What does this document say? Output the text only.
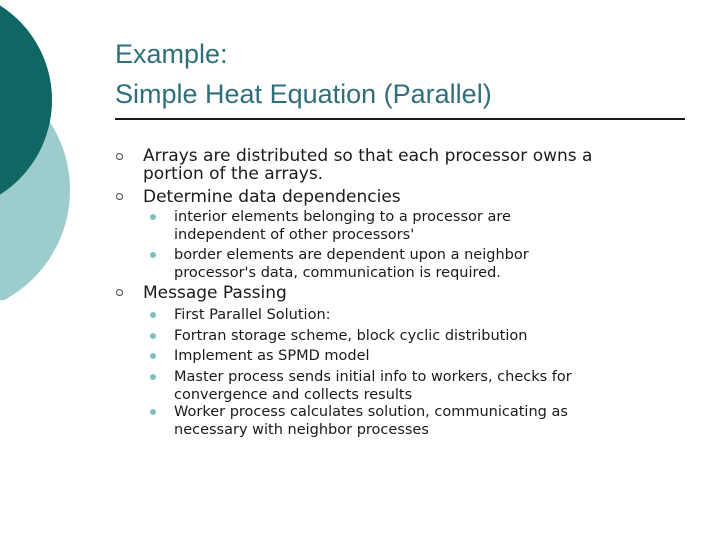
Example:
Simple Heat Equation (Parallel)
Arrays are distributed so that each processor owns a
portion of the arrays.
Determine data dependencies
interior elements belonging to a processor are
independent of other processors'
border elements are dependent upon a neighbor
processor's data, communication is required.
Message Passing
First Parallel Solution:
Fortran storage scheme, block cyclic distribution
Implement as SPMD model
Master process sends initial info to workers, checks for
convergence and collects results
Worker process calculates solution, communicating as
necessary with neighbor processes
